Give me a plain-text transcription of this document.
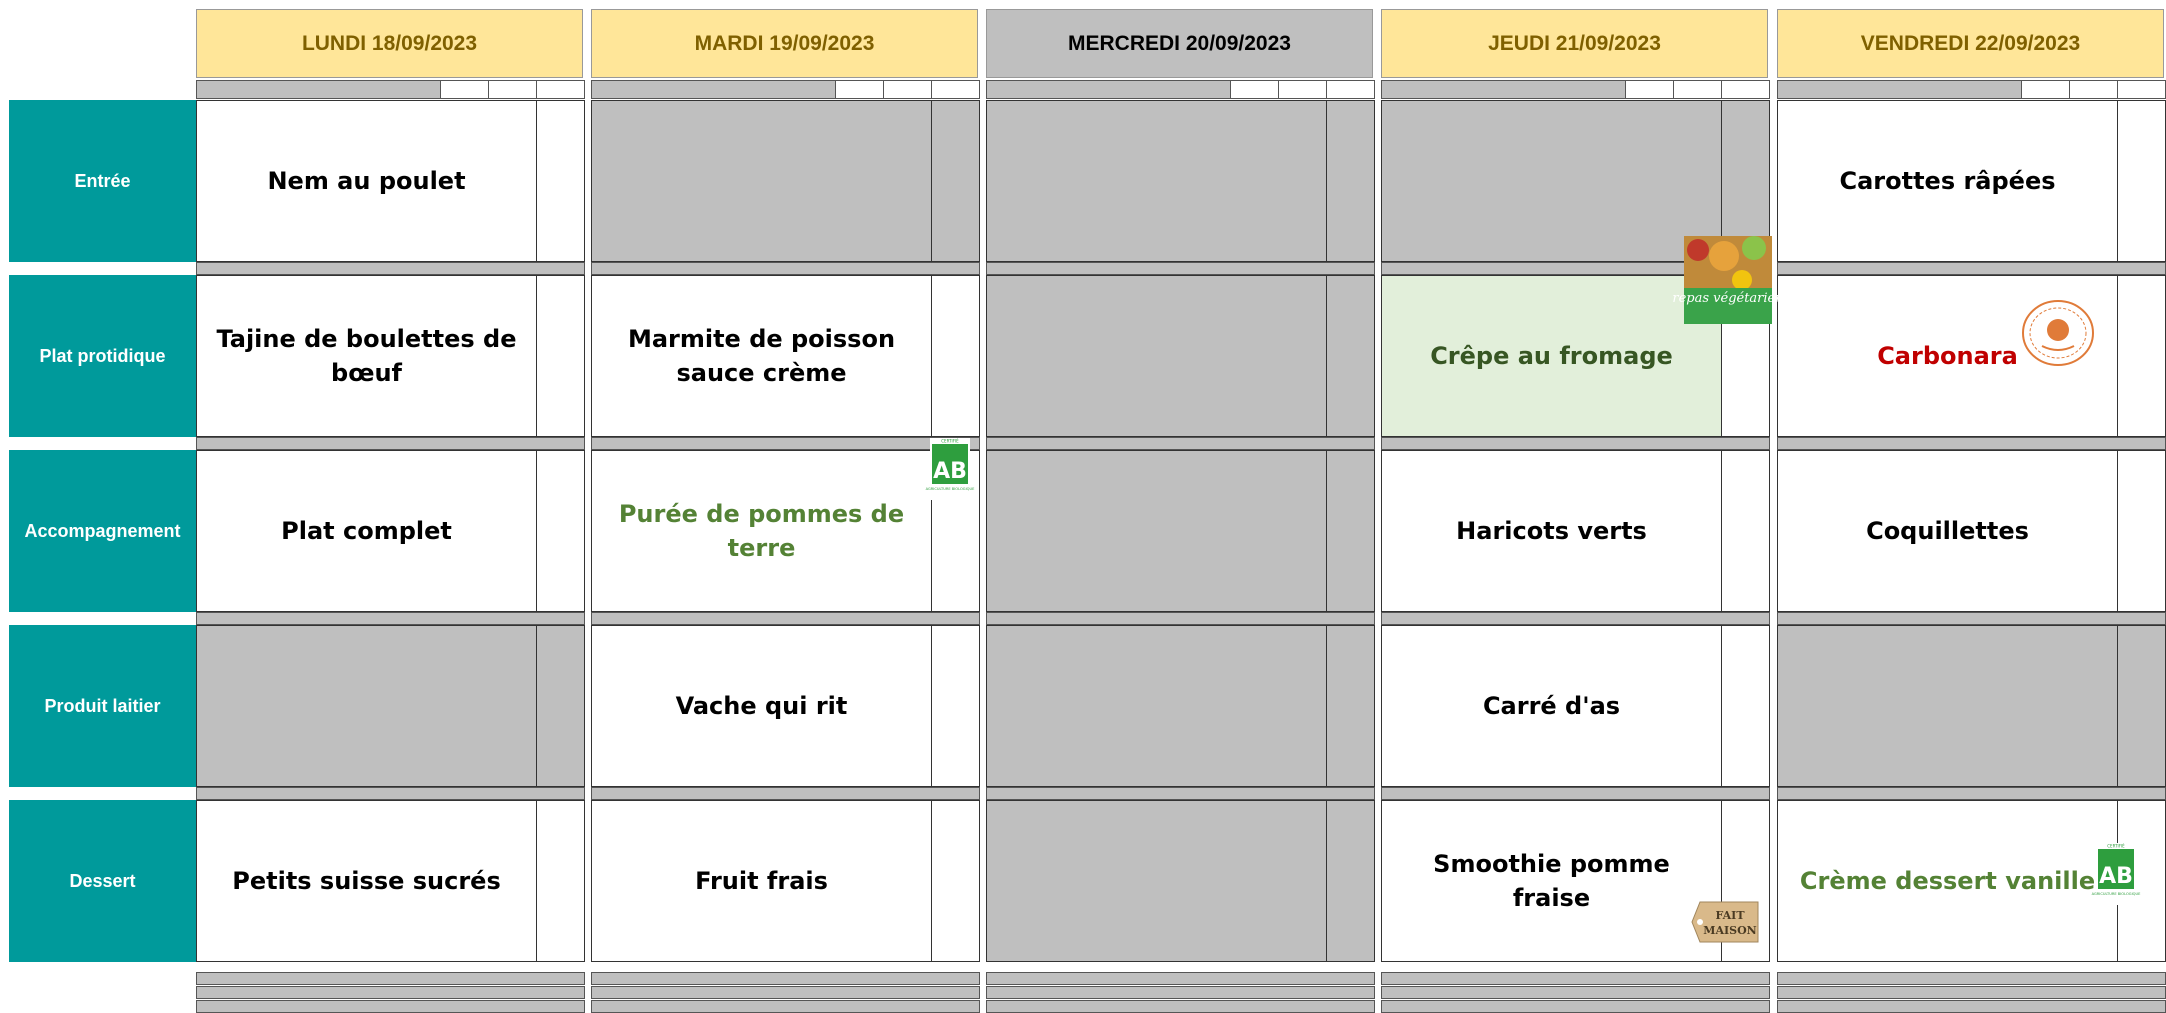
Entrée
Plat protidique
Accompagnement
Produit laitier
Dessert
LUNDI 18/09/2023
Nem au poulet
Tajine de boulettes de bœuf
Plat complet
Petits suisse sucrés
MARDI 19/09/2023
Marmite de poisson sauce crème
Purée de pommes de terre
Vache qui rit
Fruit frais
MERCREDI 20/09/2023	JEUDI 21/09/2023
Crêpe au fromage
Haricots verts
Carré d'as
Smoothie pomme fraise
VENDREDI 22/09/2023
Carottes râpées
Carbonara
Coquillettes
Crème dessert vanille
CERTIFIÉ
AB
AGRICULTURE BIOLOGIQUE
CERTIFIÉ
AB
AGRICULTURE BIOLOGIQUE
repas végétarien
FAIT
MAISON
FAIT MAISON
